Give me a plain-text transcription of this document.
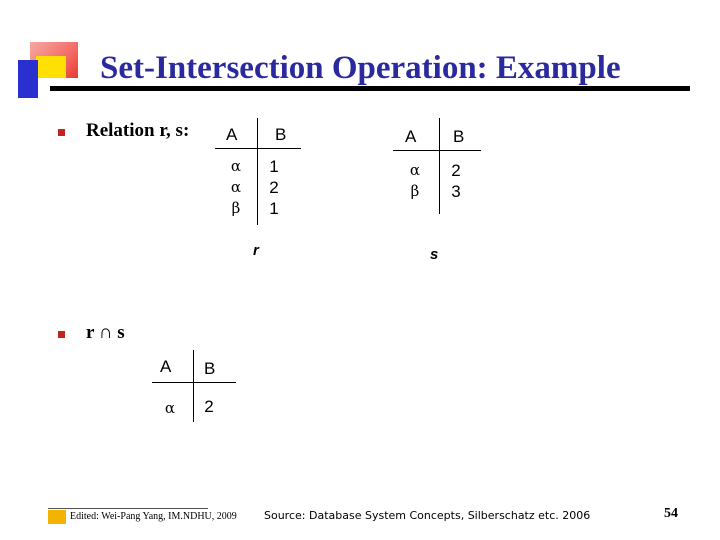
Set-Intersection Operation: Example
Relation r, s: A B
α
α
β
1
2
1
r
A B
α
β
2
3
s
r ∩ s
A B
α 2
Edited: Wei-Pang Yang, IM.NDHU, 2009 Source: Database System Concepts, Silberschatz etc. 2006	54
